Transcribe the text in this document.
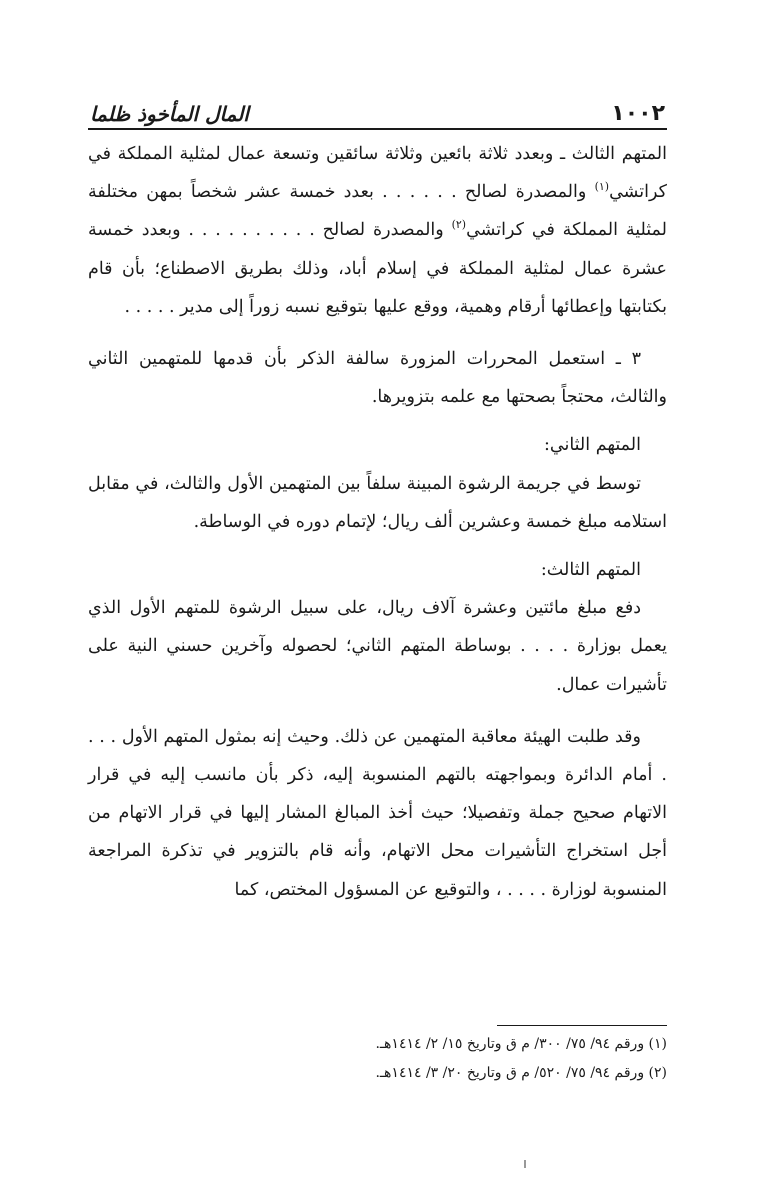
١٠٠٢
المال المأخوذ ظلما

المتهم الثالث ـ وبعدد ثلاثة بائعين وثلاثة سائقين وتسعة عمال لمثلية المملكة في كراتشي$^{(١)}$ والمصدرة لصالح . . . . . . بعدد خمسة عشر شخصاً بمهن مختلفة لمثلية المملكة في كراتشي$^{(٢)}$ والمصدرة لصالح . . . . . . . . . . وبعدد خمسة عشرة عمال لمثلية المملكة في إسلام أباد، وذلك بطريق الاصطناع؛ بأن قام بكتابتها وإعطائها أرقام وهمية، ووقع عليها بتوقيع نسبه زوراً إلى مدير . . . . .

٣ ـ استعمل المحررات المزورة سالفة الذكر بأن قدمها للمتهمين الثاني والثالث، محتجاً بصحتها مع علمه بتزويرها.

المتهم الثاني:

توسط في جريمة الرشوة المبينة سلفاً بين المتهمين الأول والثالث، في مقابل استلامه مبلغ خمسة وعشرين ألف ريال؛ لإتمام دوره في الوساطة.

المتهم الثالث:

دفع مبلغ مائتين وعشرة آلاف ريال، على سبيل الرشوة للمتهم الأول الذي يعمل بوزارة . . . . بوساطة المتهم الثاني؛ لحصوله وآخرين حسني النية على تأشيرات عمال.

وقد طلبت الهيئة معاقبة المتهمين عن ذلك. وحيث إنه بمثول المتهم الأول . . . . أمام الدائرة وبمواجهته بالتهم المنسوبة إليه، ذكر بأن مانسب إليه في قرار الاتهام صحيح جملة وتفصيلا؛ حيث أخذ المبالغ المشار إليها في قرار الاتهام من أجل استخراج التأشيرات محل الاتهام، وأنه قام بالتزوير في تذكرة المراجعة المنسوبة لوزارة . . . . ، والتوقيع عن المسؤول المختص، كما

(١) ورقم ٩٤/ ٧٥/ ٣٠٠/ م ق وتاريخ ١٥/ ٢/ ١٤١٤هـ.

(٢) ورقم ٩٤/ ٧٥/ ٥٢٠/ م ق وتاريخ ٢٠/ ٣/ ١٤١٤هـ.
